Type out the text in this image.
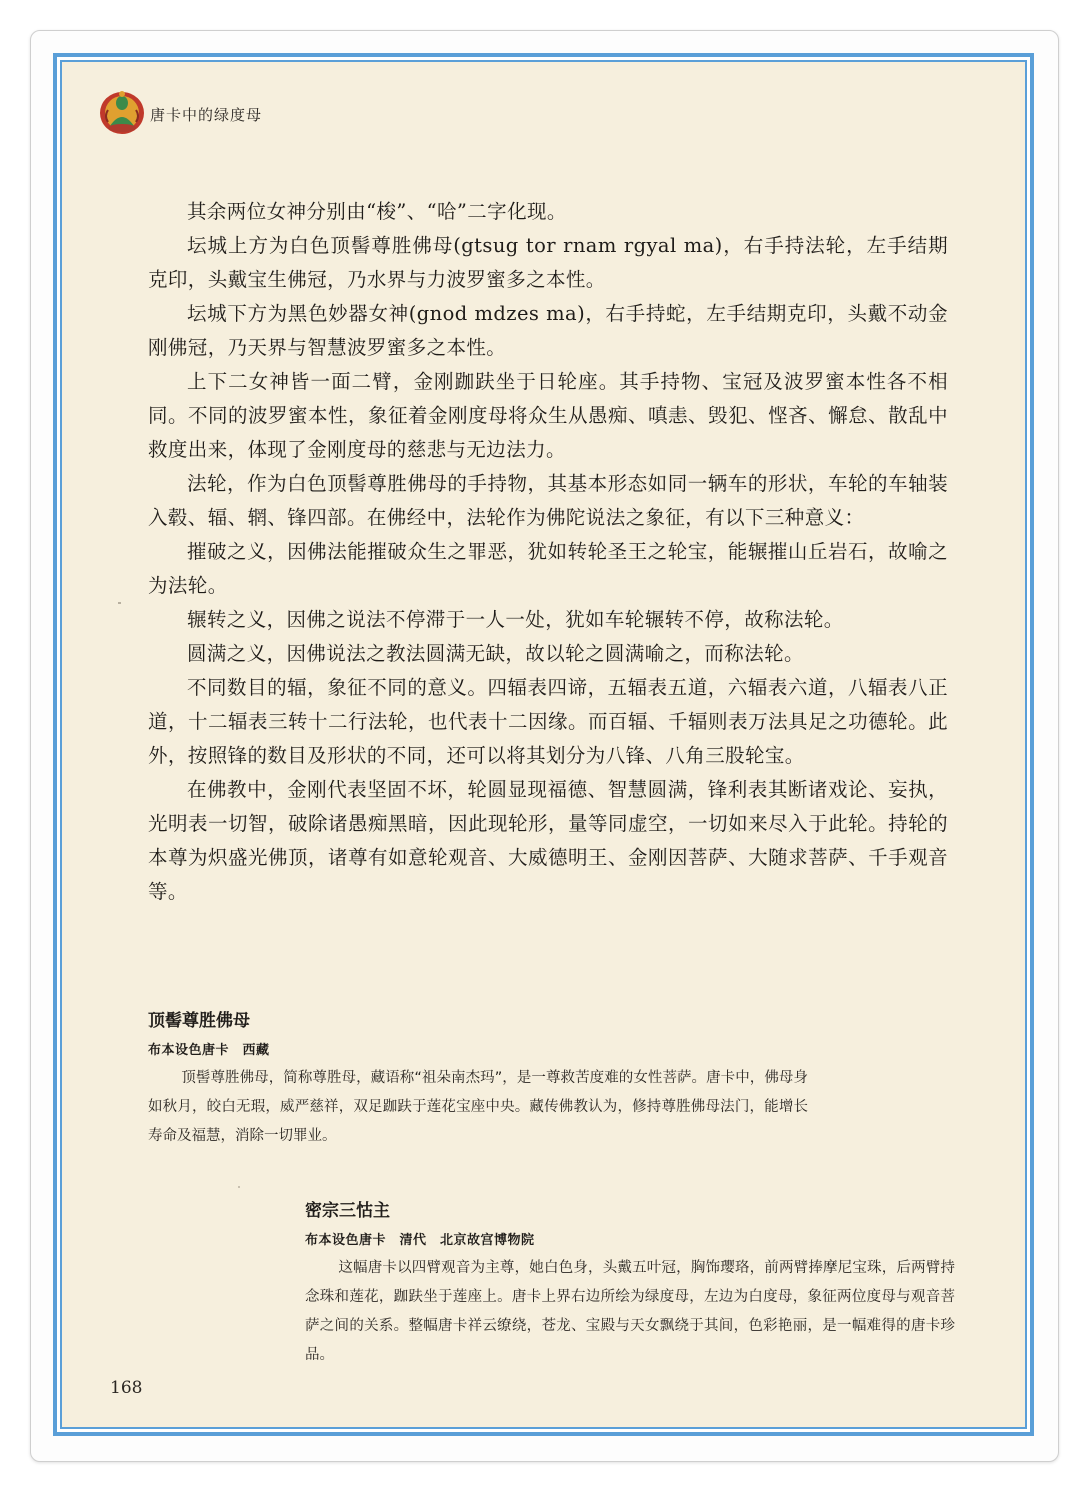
唐卡中的绿度母

其余两位女神分别由“梭”、“哈”二字化现。

坛城上方为白色顶髻尊胜佛母(gtsug tor rnam rgyal ma)，右手持法轮，左手结期克印，头戴宝生佛冠，乃水界与力波罗蜜多之本性。

坛城下方为黑色妙器女神(gnod mdzes ma)，右手持蛇，左手结期克印，头戴不动金刚佛冠，乃天界与智慧波罗蜜多之本性。

上下二女神皆一面二臂，金刚跏趺坐于日轮座。其手持物、宝冠及波罗蜜本性各不相同。不同的波罗蜜本性，象征着金刚度母将众生从愚痴、嗔恚、毁犯、悭吝、懈怠、散乱中救度出来，体现了金刚度母的慈悲与无边法力。

法轮，作为白色顶髻尊胜佛母的手持物，其基本形态如同一辆车的形状，车轮的车轴装入毂、辐、辋、锋四部。在佛经中，法轮作为佛陀说法之象征，有以下三种意义：

摧破之义，因佛法能摧破众生之罪恶，犹如转轮圣王之轮宝，能辗摧山丘岩石，故喻之为法轮。

辗转之义，因佛之说法不停滞于一人一处，犹如车轮辗转不停，故称法轮。

圆满之义，因佛说法之教法圆满无缺，故以轮之圆满喻之，而称法轮。

不同数目的辐，象征不同的意义。四辐表四谛，五辐表五道，六辐表六道，八辐表八正道，十二辐表三转十二行法轮，也代表十二因缘。而百辐、千辐则表万法具足之功德轮。此外，按照锋的数目及形状的不同，还可以将其划分为八锋、八角三股轮宝。

在佛教中，金刚代表坚固不坏，轮圆显现福德、智慧圆满，锋利表其断诸戏论、妄执，光明表一切智，破除诸愚痴黑暗，因此现轮形，量等同虚空，一切如来尽入于此轮。持轮的本尊为炽盛光佛顶，诸尊有如意轮观音、大威德明王、金刚因菩萨、大随求菩萨、千手观音等。

顶髻尊胜佛母
布本设色唐卡　西藏

顶髻尊胜佛母，简称尊胜母，藏语称“祖朵南杰玛”，是一尊救苦度难的女性菩萨。唐卡中，佛母身如秋月，皎白无瑕，威严慈祥，双足跏趺于莲花宝座中央。藏传佛教认为，修持尊胜佛母法门，能增长寿命及福慧，消除一切罪业。

密宗三怙主
布本设色唐卡　清代　北京故宫博物院

这幅唐卡以四臂观音为主尊，她白色身，头戴五叶冠，胸饰璎珞，前两臂捧摩尼宝珠，后两臂持念珠和莲花，跏趺坐于莲座上。唐卡上界右边所绘为绿度母，左边为白度母，象征两位度母与观音菩萨之间的关系。整幅唐卡祥云缭绕，苍龙、宝殿与天女飘绕于其间，色彩艳丽，是一幅难得的唐卡珍品。

168
